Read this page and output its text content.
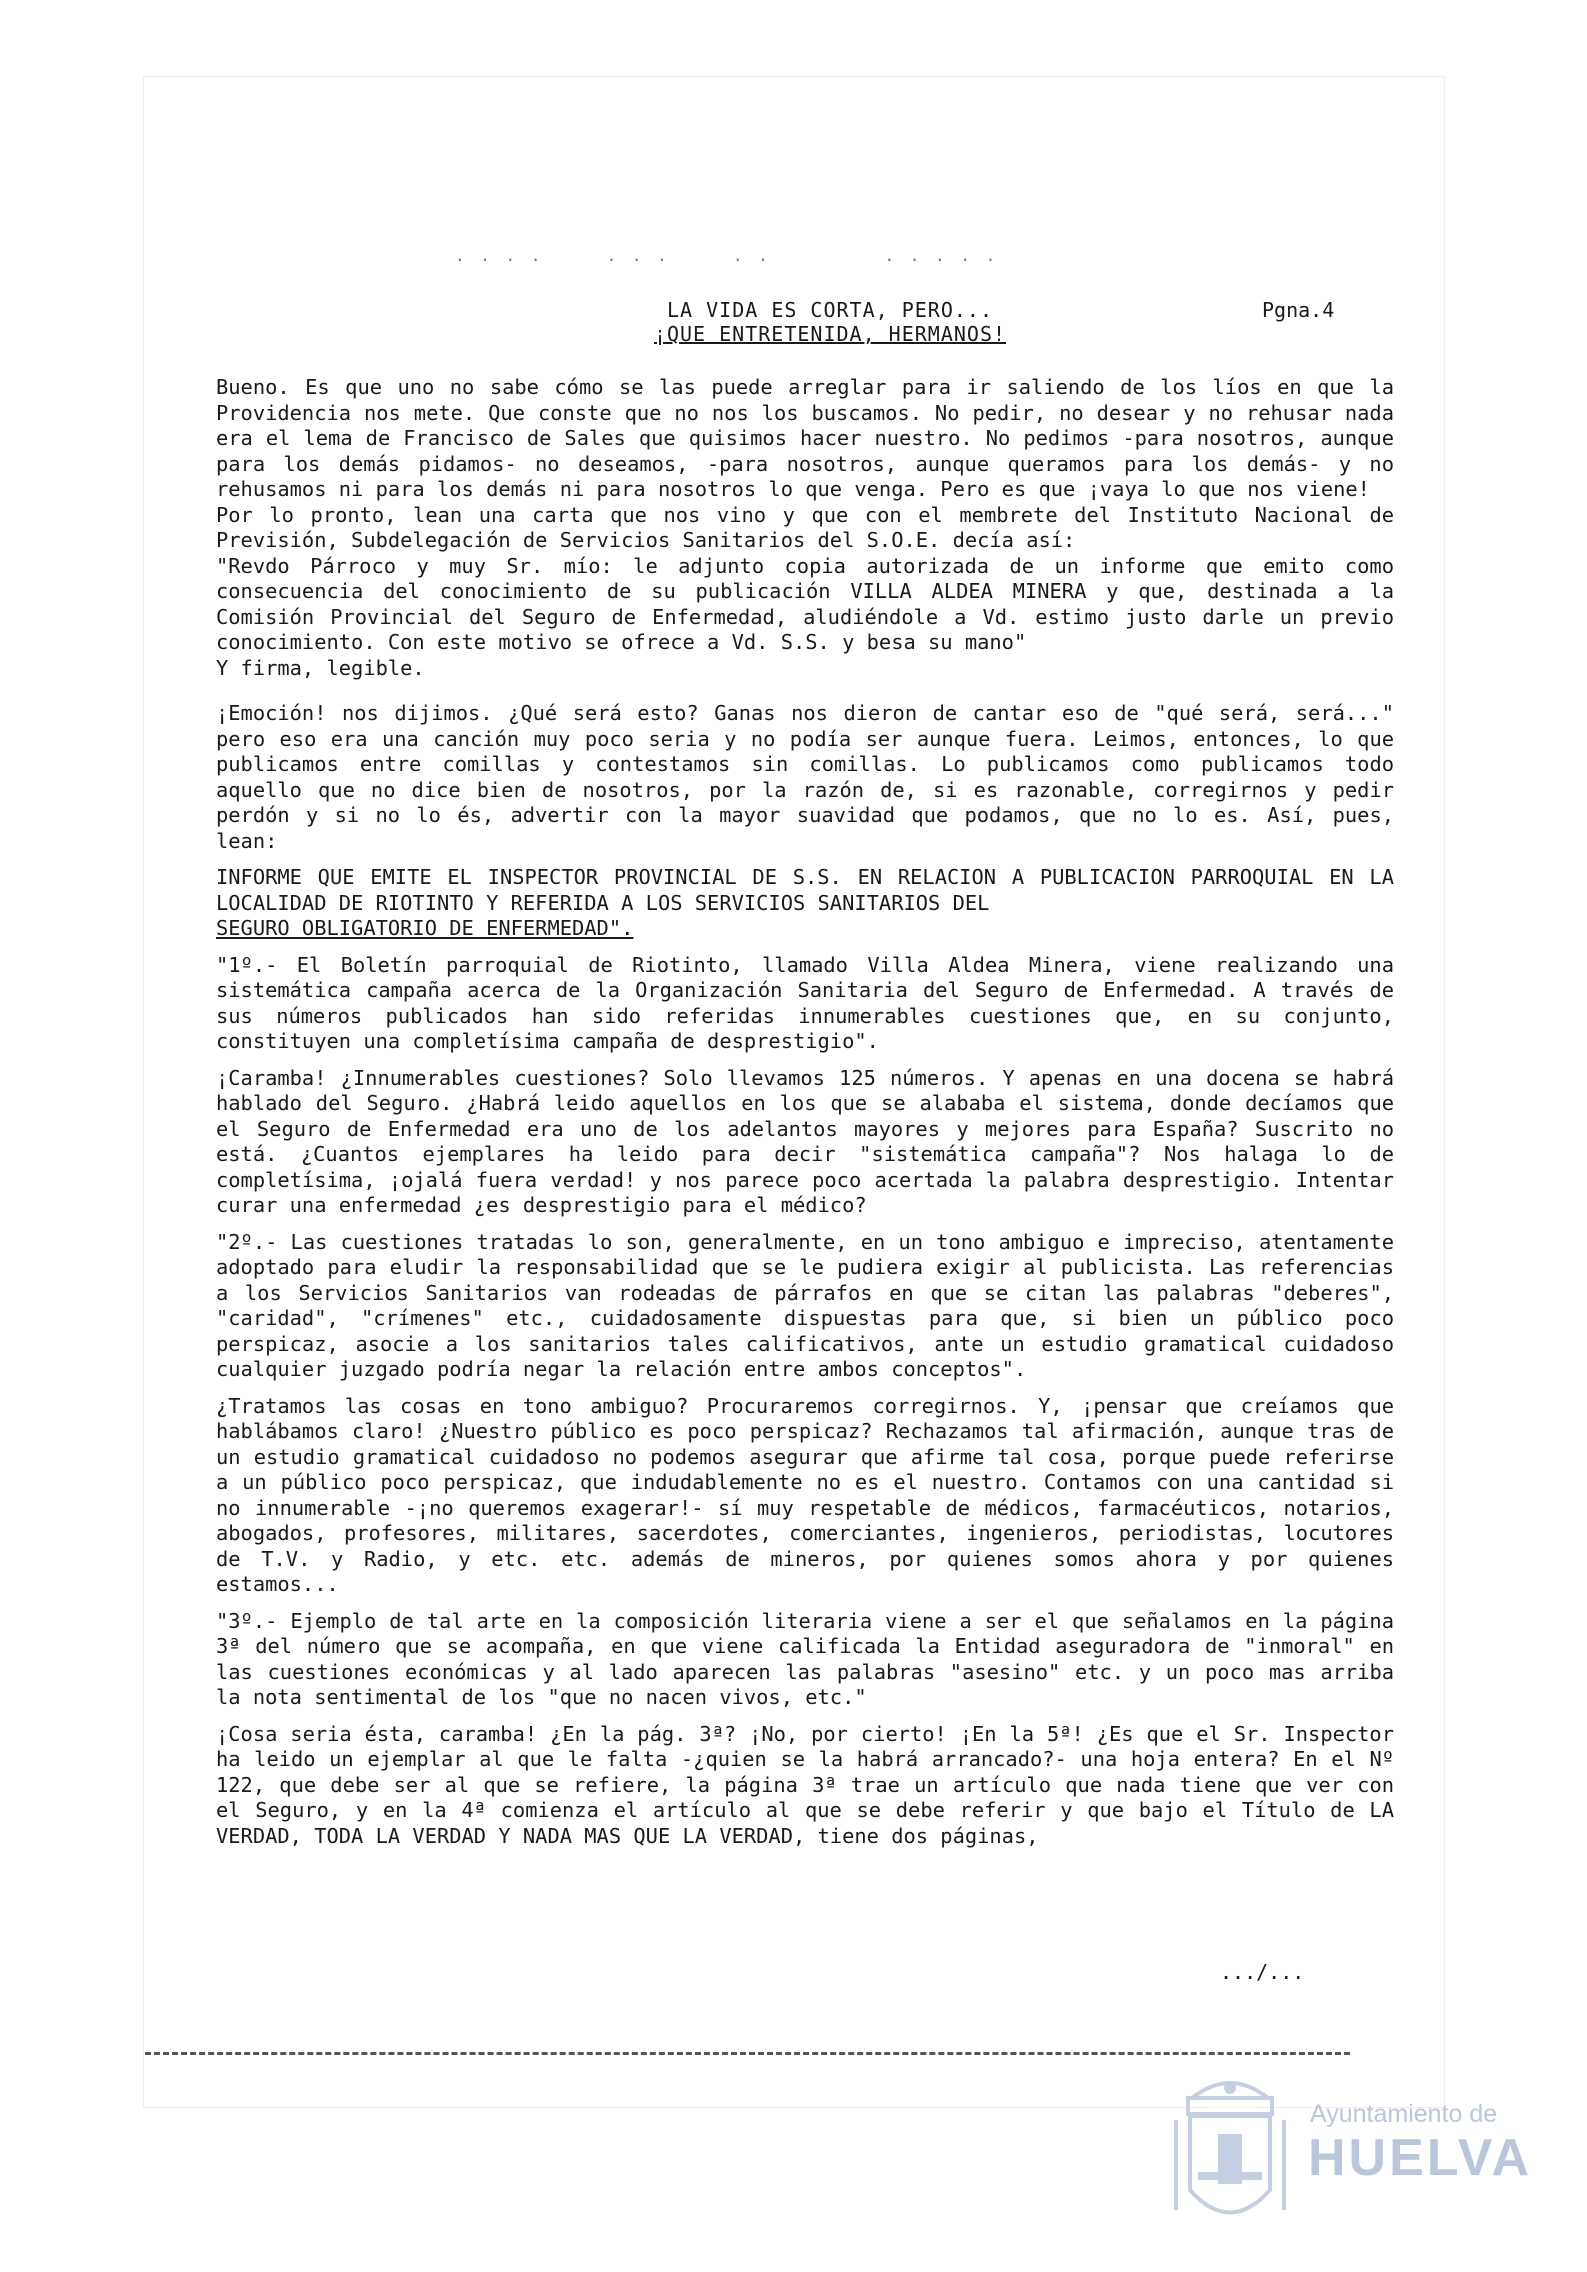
. . . .     . . .     . .         . . . . .
LA VIDA ES CORTA, PERO...
¡QUE ENTRETENIDA, HERMANOS!
Pgna.4

Bueno. Es que uno no sabe cómo se las puede arreglar para ir saliendo de los líos en que la Providencia nos mete. Que conste que no nos los buscamos. No pedir, no desear y no rehusar nada era el lema de Francisco de Sales que quisimos hacer nuestro. No pedimos -para nosotros, aunque para los demás pidamos- no deseamos, -para nosotros, aunque queramos para los demás- y no rehusamos ni para los demás ni para nosotros lo que venga. Pero es que ¡vaya lo que nos viene!

Por lo pronto, lean una carta que nos vino y que con el membrete del Instituto Nacional de Previsión, Subdelegación de Servicios Sanitarios del S.O.E. decía así:

"Revdo Párroco y muy Sr. mío: le adjunto copia autorizada de un informe que emito como consecuencia del conocimiento de su publicación VILLA ALDEA MINERA y que, destinada a la Comisión Provincial del Seguro de Enfermedad, aludiéndole a Vd. estimo justo darle un previo conocimiento. Con este motivo se ofrece a Vd. S.S. y besa su mano"

Y firma, legible.

¡Emoción! nos dijimos. ¿Qué será esto? Ganas nos dieron de cantar eso de "qué será, será..." pero eso era una canción muy poco seria y no podía ser aunque fuera. Leimos, entonces, lo que publicamos entre comillas y contestamos sin comillas. Lo publicamos como publicamos todo aquello que no dice bien de nosotros, por la razón de, si es razonable, corregirnos y pedir perdón y si no lo és, advertir con la mayor suavidad que podamos, que no lo es. Así, pues, lean:

INFORME QUE EMITE EL INSPECTOR PROVINCIAL DE S.S. EN RELACION A PUBLICACION PARROQUIAL EN LA LOCALIDAD DE RIOTINTO Y REFERIDA A LOS SERVICIOS SANITARIOS DEL
SEGURO OBLIGATORIO DE ENFERMEDAD".

"1º.- El Boletín parroquial de Riotinto, llamado Villa Aldea Minera, viene realizando una sistemática campaña acerca de la Organización Sanitaria del Seguro de Enfermedad. A través de sus números publicados han sido referidas innumerables cuestiones que, en su conjunto, constituyen una completísima campaña de desprestigio".

¡Caramba! ¿Innumerables cuestiones? Solo llevamos 125 números. Y apenas en una docena se habrá hablado del Seguro. ¿Habrá leido aquellos en los que se alababa el sistema, donde decíamos que el Seguro de Enfermedad era uno de los adelantos mayores y mejores para España? Suscrito no está. ¿Cuantos ejemplares ha leido para decir "sistemática campaña"? Nos halaga lo de completísima, ¡ojalá fuera verdad! y nos parece poco acertada la palabra desprestigio. Intentar curar una enfermedad ¿es desprestigio para el médico?

"2º.- Las cuestiones tratadas lo son, generalmente, en un tono ambiguo e impreciso, atentamente adoptado para eludir la responsabilidad que se le pudiera exigir al publicista. Las referencias a los Servicios Sanitarios van rodeadas de párrafos en que se citan las palabras "deberes", "caridad", "crímenes" etc., cuidadosamente dispuestas para que, si bien un público poco perspicaz, asocie a los sanitarios tales calificativos, ante un estudio gramatical cuidadoso cualquier juzgado podría negar la relación entre ambos conceptos".

¿Tratamos las cosas en tono ambiguo? Procuraremos corregirnos. Y, ¡pensar que creíamos que hablábamos claro! ¿Nuestro público es poco perspicaz? Rechazamos tal afirmación, aunque tras de un estudio gramatical cuidadoso no podemos asegurar que afirme tal cosa, porque puede referirse a un público poco perspicaz, que indudablemente no es el nuestro. Contamos con una cantidad si no innumerable -¡no queremos exagerar!- sí muy respetable de médicos, farmacéuticos, notarios, abogados, profesores, militares, sacerdotes, comerciantes, ingenieros, periodistas, locutores de T.V. y Radio, y etc. etc. además de mineros, por quienes somos ahora y por quienes estamos...

"3º.- Ejemplo de tal arte en la composición literaria viene a ser el que señalamos en la página 3ª del número que se acompaña, en que viene calificada la Entidad aseguradora de "inmoral" en las cuestiones económicas y al lado aparecen las palabras "asesino" etc. y un poco mas arriba la nota sentimental de los "que no nacen vivos, etc."

¡Cosa seria ésta, caramba! ¿En la pág. 3ª? ¡No, por cierto! ¡En la 5ª! ¿Es que el Sr. Inspector ha leido un ejemplar al que le falta -¿quien se la habrá arrancado?- una hoja entera? En el Nº 122, que debe ser al que se refiere, la página 3ª trae un artículo que nada tiene que ver con el Seguro, y en la 4ª comienza el artículo al que se debe referir y que bajo el Título de LA VERDAD, TODA LA VERDAD Y NADA MAS QUE LA VERDAD, tiene dos páginas,

.../...
ET TERRA Ayuntamiento de
HUELVA
